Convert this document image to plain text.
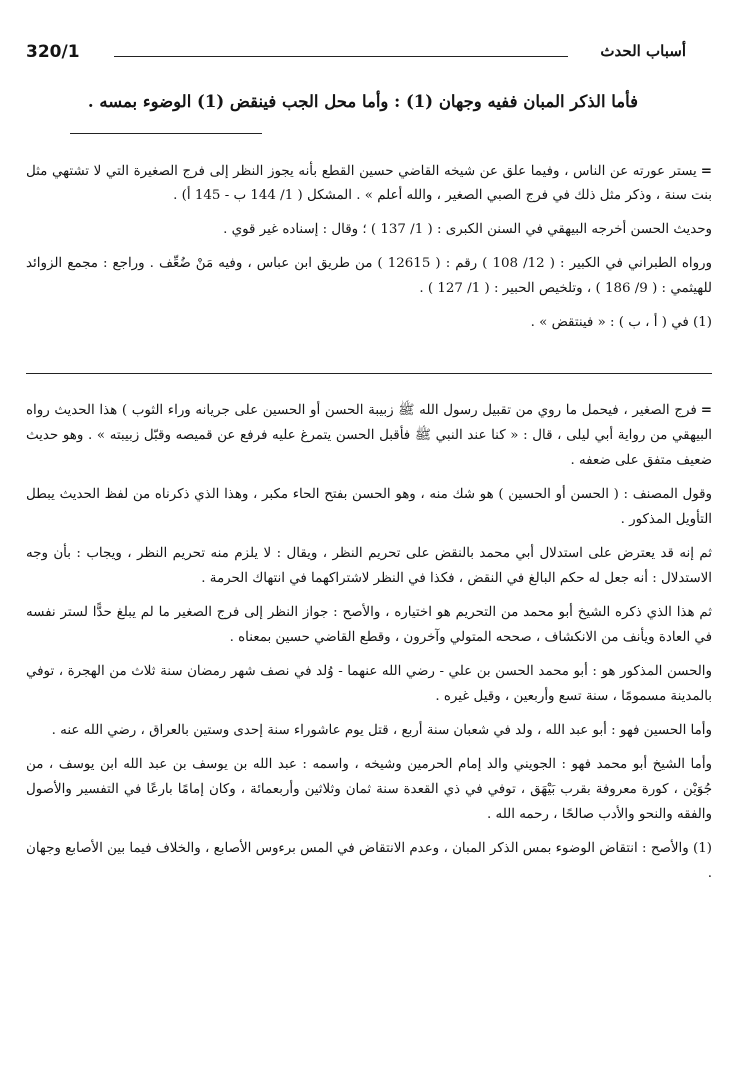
320/1	أسباب الحدث
فأما الذكر المبان ففيه وجهان (1) : وأما محل الجب فينقض (1) الوضوء بمسه .

=يستر عورته عن الناس ، وفيما علق عن شيخه القاضي حسين القطع بأنه يجوز النظر إلى فرج الصغيرة التي لا تشتهي مثل بنت سنة ، وذكر مثل ذلك في فرج الصبي الصغير ، والله أعلم » . المشكل ( 1/ 144 ب - 145 أ) .

وحديث الحسن أخرجه البيهقي في السنن الكبرى : ( 1/ 137 ) ؛ وقال : إسناده غير قوي .

ورواه الطبراني في الكبير : ( 12/ 108 ) رقم : ( 12615 ) من طريق ابن عباس ، وفيه مَنْ ضُعِّف . وراجع : مجمع الزوائد للهيثمي : ( 9/ 186 ) ، وتلخيص الحبير : ( 1/ 127 ) .

(1) في ( أ ، ب ) : « فينتقض » .

=فرج الصغير ، فيحمل ما روي من تقبيل رسول الله ﷺ زبيبة الحسن أو الحسين على جريانه وراء الثوب ) هذا الحديث رواه البيهقي من رواية أبي ليلى ، قال : « كنا عند النبي ﷺ فأقبل الحسن يتمرغ عليه فرفع عن قميصه وقبّل زبيبته » . وهو حديث ضعيف متفق على ضعفه .

وقول المصنف : ( الحسن أو الحسين ) هو شك منه ، وهو الحسن بفتح الحاء مكبر ، وهذا الذي ذكرناه من لفظ الحديث يبطل التأويل المذكور .

ثم إنه قد يعترض على استدلال أبي محمد بالنقض على تحريم النظر ، ويقال : لا يلزم منه تحريم النظر ، ويجاب : بأن وجه الاستدلال : أنه جعل له حكم البالغ في النقض ، فكذا في النظر لاشتراكهما في انتهاك الحرمة .

ثم هذا الذي ذكره الشيخ أبو محمد من التحريم هو اختياره ، والأصح : جواز النظر إلى فرج الصغير ما لم يبلغ حدًّا لستر نفسه في العادة ويأنف من الانكشاف ، صححه المتولي وآخرون ، وقطع القاضي حسين بمعناه .

والحسن المذكور هو : أبو محمد الحسن بن علي - رضي الله عنهما - وُلد في نصف شهر رمضان سنة ثلاث من الهجرة ، توفي بالمدينة مسمومًا ، سنة تسع وأربعين ، وقيل غيره .

وأما الحسين فهو : أبو عبد الله ، ولد في شعبان سنة أربع ، قتل يوم عاشوراء سنة إحدى وستين بالعراق ، رضي الله عنه .

وأما الشيخ أبو محمد فهو : الجويني والد إمام الحرمين وشيخه ، واسمه : عبد الله بن يوسف بن عبد الله ابن يوسف ، من جُوَيْن ، كورة معروفة بقرب بَيْهَق ، توفي في ذي القعدة سنة ثمان وثلاثين وأربعمائة ، وكان إمامًا بارعًا في التفسير والأصول والفقه والنحو والأدب صالحًا ، رحمه الله .

(1) والأصح : انتقاض الوضوء بمس الذكر المبان ، وعدم الانتقاض في المس برءوس الأصابع ، والخلاف فيما بين الأصابع وجهان .
